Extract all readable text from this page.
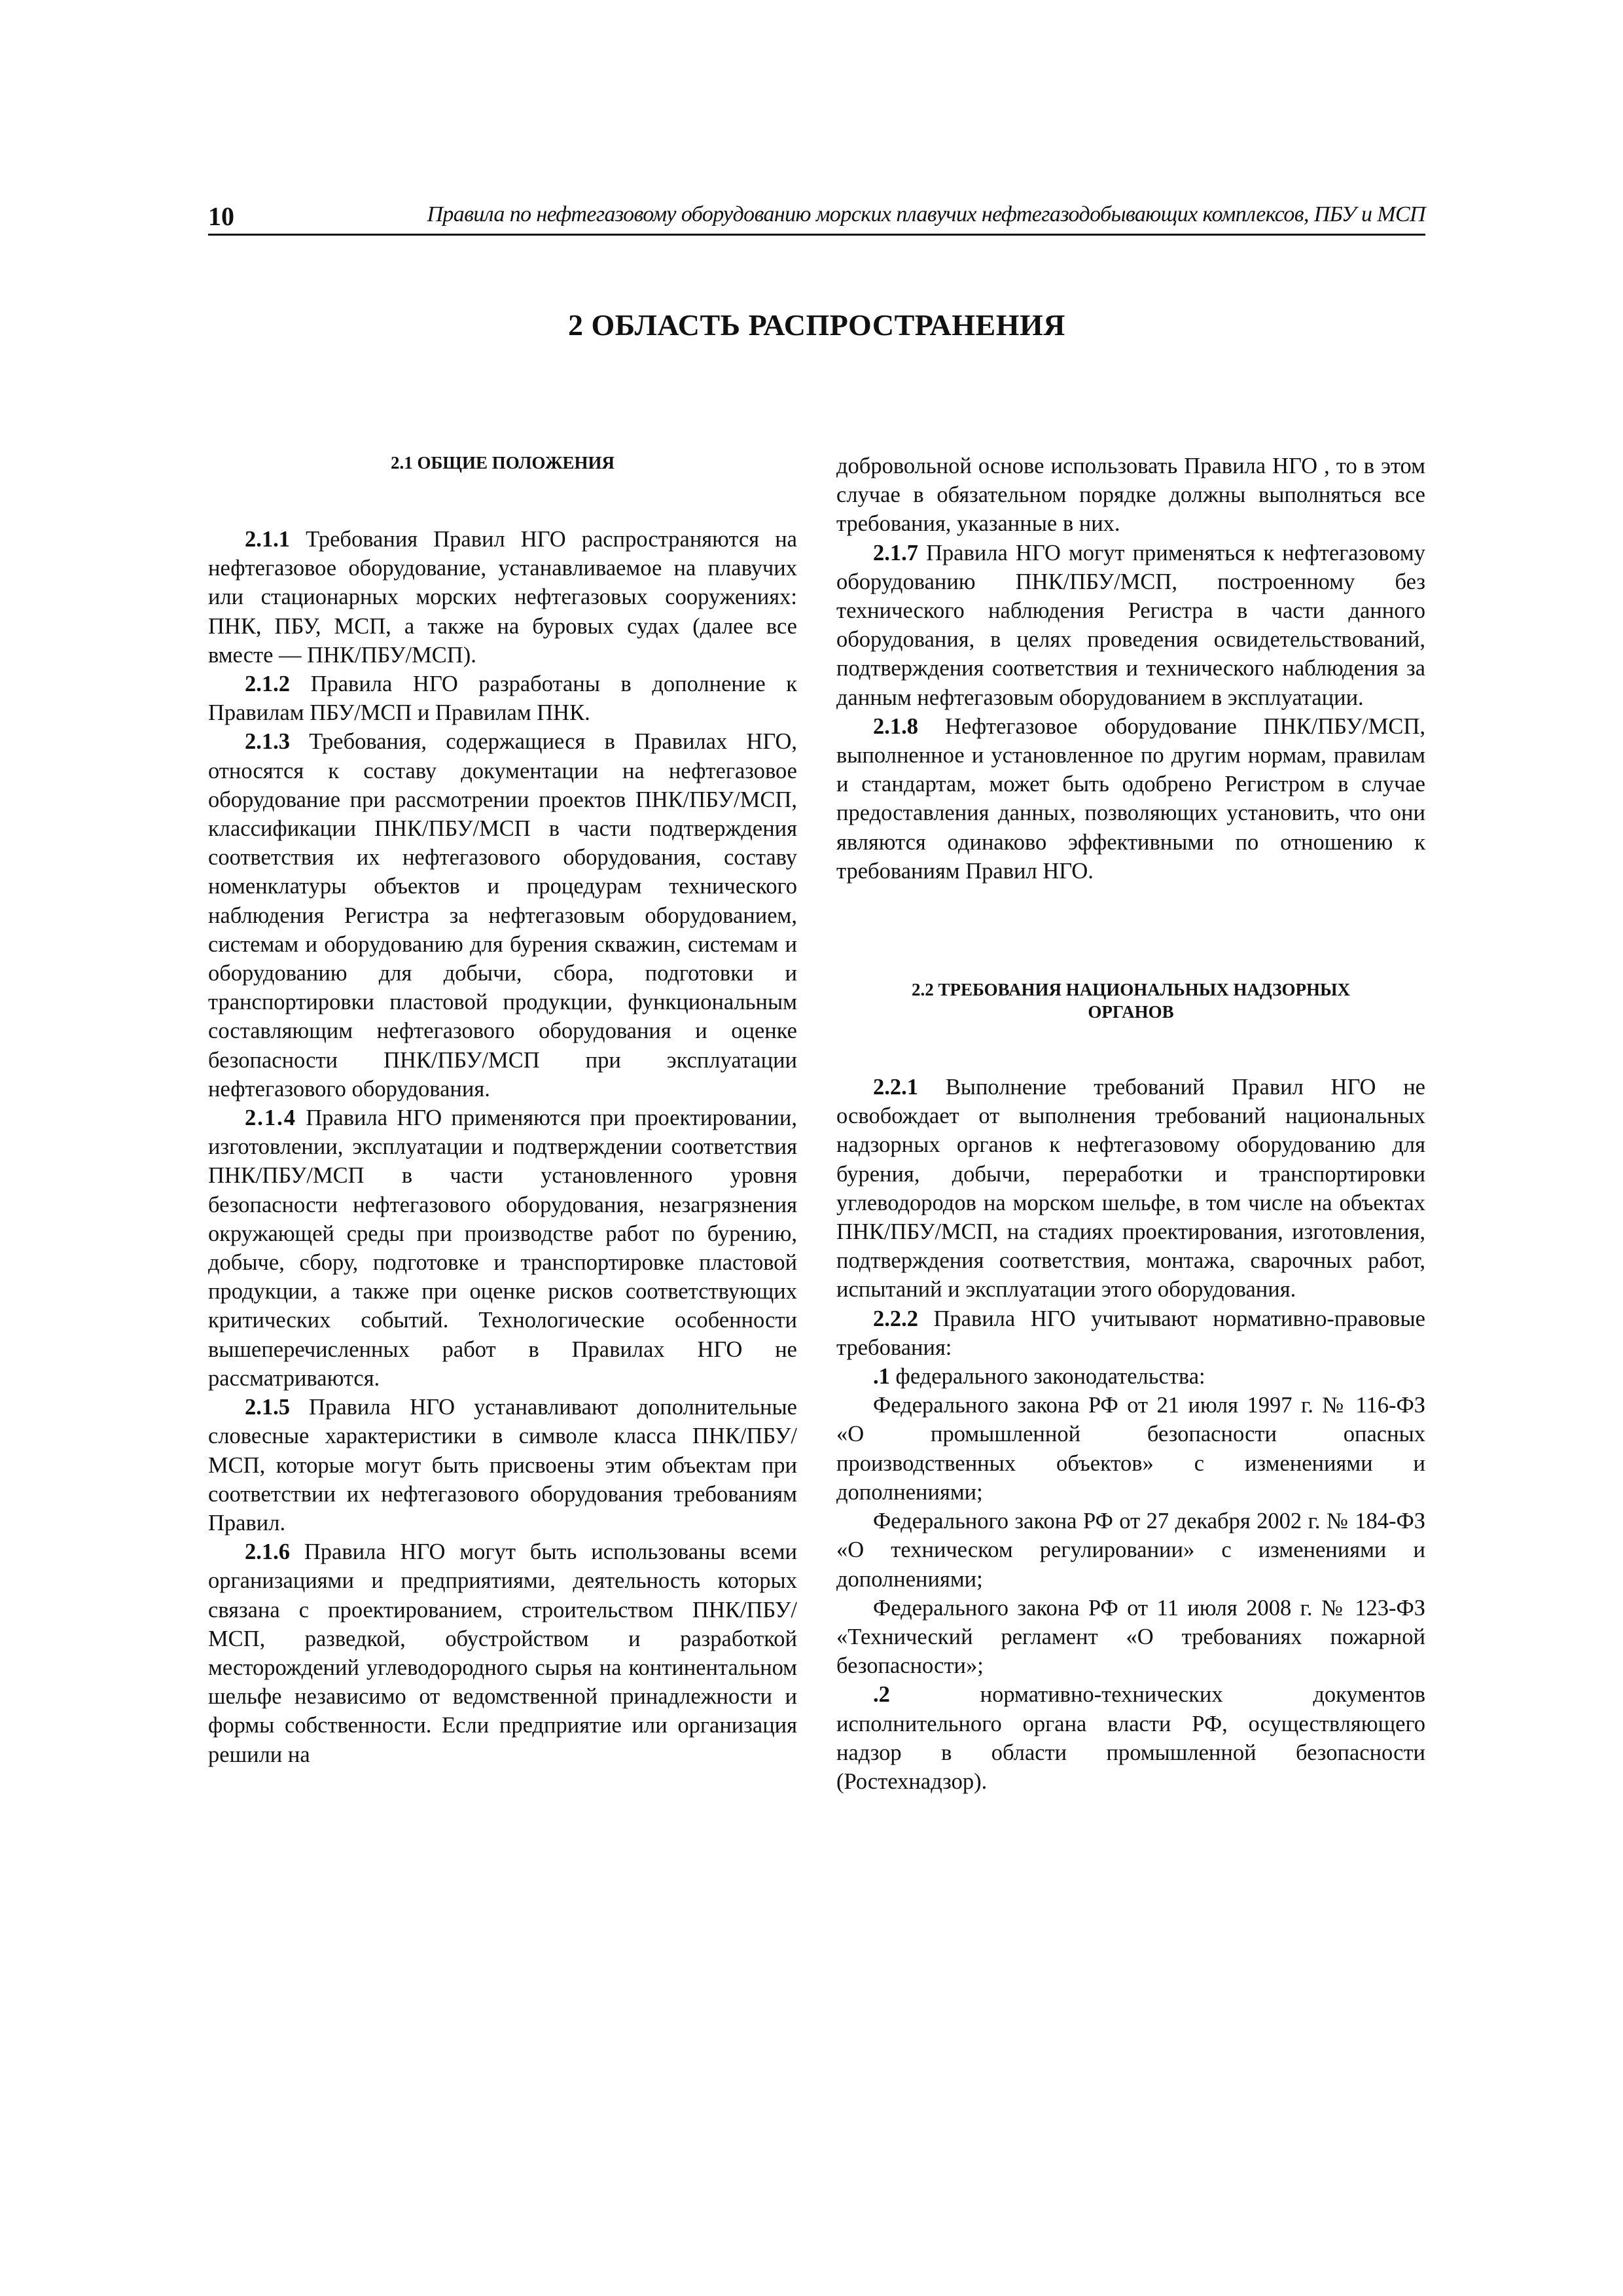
10	Правила по нефтегазовому оборудованию морских плавучих нефтегазодобывающих комплексов, ПБУ и МСП
2 ОБЛАСТЬ РАСПРОСТРАНЕНИЯ
2.1 ОБЩИЕ ПОЛОЖЕНИЯ

2.1.1 Требования Правил НГО распространяются на нефтегазовое оборудование, устанавливаемое на плавучих или стационарных морских нефтегазовых сооружениях: ПНК, ПБУ, МСП, а также на буровых судах (далее все вместе — ПНК/ПБУ/МСП).

2.1.2 Правила НГО разработаны в дополнение к Правилам ПБУ/МСП и Правилам ПНК.

2.1.3 Требования, содержащиеся в Правилах НГО, относятся к составу документации на нефтегазовое оборудование при рассмотрении проектов ПНК/ПБУ/МСП, классификации ПНК/ПБУ/МСП в части подтверждения соответствия их нефтегазового оборудования, составу номенклатуры объектов и процедурам технического наблюдения Регистра за нефтегазовым оборудованием, системам и оборудованию для бурения скважин, системам и оборудованию для добычи, сбора, подготовки и транспортировки пластовой продукции, функциональным составляющим нефтегазового оборудования и оценке безопасности ПНК/ПБУ/МСП при эксплуатации нефтегазового оборудования.

2.1.4 Правила НГО применяются при проектировании, изготовлении, эксплуатации и подтверждении соответствия ПНК/ПБУ/МСП в части установленного уровня безопасности нефтегазового оборудования, незагрязнения окружающей среды при производстве работ по бурению, добыче, сбору, подготовке и транспортировке пластовой продукции, а также при оценке рисков соответствующих критических событий. Технологические особенности вышеперечисленных работ в Правилах НГО не рассматриваются.

2.1.5 Правила НГО устанавливают дополнительные словесные характеристики в символе класса ПНК/ПБУ/МСП, которые могут быть присвоены этим объектам при соответствии их нефтегазового оборудования требованиям Правил.

2.1.6 Правила НГО могут быть использованы всеми организациями и предприятиями, деятельность которых связана с проектированием, строительством ПНК/ПБУ/МСП, разведкой, обустройством и разработкой месторождений углеводородного сырья на континентальном шельфе независимо от ведомственной принадлежности и формы собственности. Если предприятие или организация решили на

добровольной основе использовать Правила НГО , то в этом случае в обязательном порядке должны выполняться все требования, указанные в них.

2.1.7 Правила НГО могут применяться к нефтегазовому оборудованию ПНК/ПБУ/МСП, построенному без технического наблюдения Регистра в части данного оборудования, в целях проведения освидетельствований, подтверждения соответствия и технического наблюдения за данным нефтегазовым оборудованием в эксплуатации.

2.1.8 Нефтегазовое оборудование ПНК/ПБУ/МСП, выполненное и установленное по другим нормам, правилам и стандартам, может быть одобрено Регистром в случае предоставления данных, позволяющих установить, что они являются одинаково эффективными по отношению к требованиям Правил НГО.

2.2 ТРЕБОВАНИЯ НАЦИОНАЛЬНЫХ НАДЗОРНЫХ
ОРГАНОВ

2.2.1 Выполнение требований Правил НГО не освобождает от выполнения требований национальных надзорных органов к нефтегазовому оборудованию для бурения, добычи, переработки и транспортировки углеводородов на морском шельфе, в том числе на объектах ПНК/ПБУ/МСП, на стадиях проектирования, изготовления, подтверждения соответствия, монтажа, сварочных работ, испытаний и эксплуатации этого оборудования.

2.2.2 Правила НГО учитывают нормативно-правовые требования:

.1 федерального законодательства:

Федерального закона РФ от 21 июля 1997 г. № 116-ФЗ «О промышленной безопасности опасных производственных объектов» с изменениями и дополнениями;

Федерального закона РФ от 27 декабря 2002 г. № 184-ФЗ «О техническом регулировании» с изменениями и дополнениями;

Федерального закона РФ от 11 июля 2008 г. № 123-ФЗ «Технический регламент «О требованиях пожарной безопасности»;

.2 нормативно-технических документов исполнительного органа власти РФ, осуществляющего надзор в области промышленной безопасности (Ростехнадзор).
